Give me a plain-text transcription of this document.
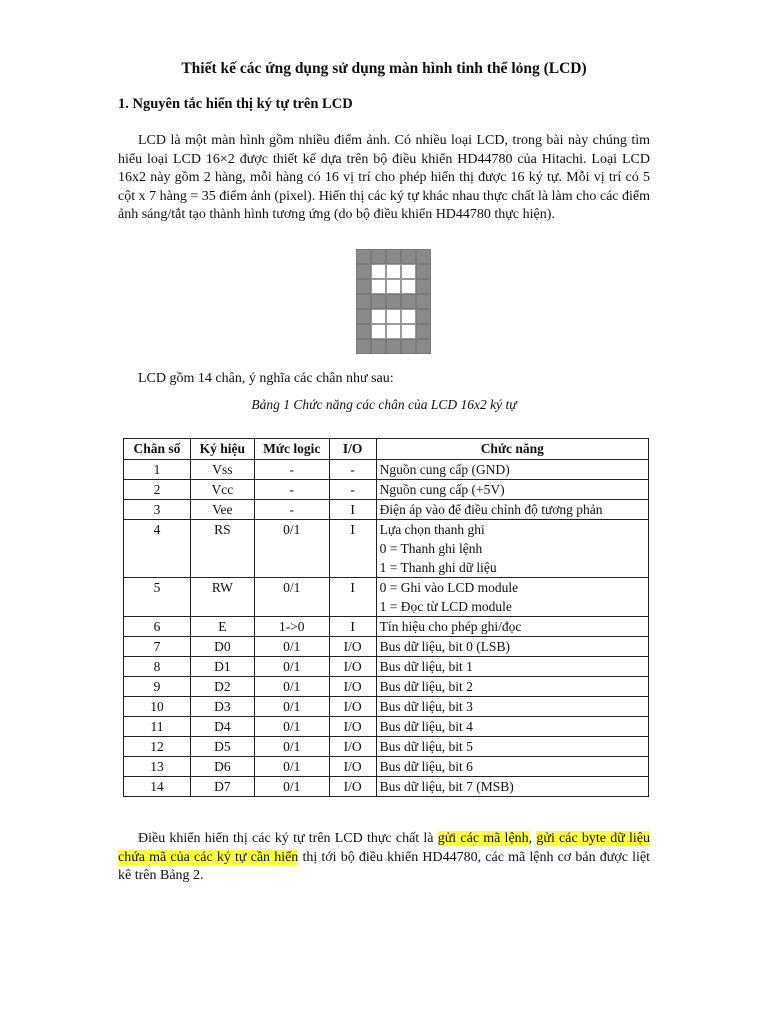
Thiết kế các ứng dụng sử dụng màn hình tinh thể lỏng (LCD)
1. Nguyên tắc hiển thị ký tự trên LCD
LCD là một màn hình gồm nhiều điểm ảnh. Có nhiều loại LCD, trong bài này chúng tìm hiểu loại LCD 16×2 được thiết kế dựa trên bộ điều khiển HD44780 của Hitachi. Loại LCD 16x2 này gồm 2 hàng, mỗi hàng có 16 vị trí cho phép hiển thị được 16 ký tự. Mỗi vị trí có 5 cột x 7 hàng = 35 điểm ảnh (pixel). Hiển thị các ký tự khác nhau thực chất là làm cho các điểm ảnh sáng/tắt tạo thành hình tương ứng (do bộ điều khiển HD44780 thực hiện).
LCD gồm 14 chân, ý nghĩa các chân như sau:
Bảng 1 Chức năng các chân của LCD 16x2 ký tự
Chân số	Ký hiệu	Mức logic	I/O	Chức năng
1	Vss	-	-	Nguồn cung cấp (GND)

2	Vcc	-	-	Nguồn cung cấp (+5V)

3	Vee	-	I	Điện áp vào để điều chỉnh độ tương phản

4	RS	0/1	I	Lựa chọn thanh ghi
0 = Thanh ghi lệnh
1 = Thanh ghi dữ liệu

5	RW	0/1	I	0 = Ghi vào LCD module
1 = Đọc từ LCD module

6	E	1->0	I	Tín hiệu cho phép ghi/đọc

7	D0	0/1	I/O	Bus dữ liệu, bit 0 (LSB)

8	D1	0/1	I/O	Bus dữ liệu, bit 1

9	D2	0/1	I/O	Bus dữ liệu, bit 2

10	D3	0/1	I/O	Bus dữ liệu, bit 3

11	D4	0/1	I/O	Bus dữ liệu, bit 4

12	D5	0/1	I/O	Bus dữ liệu, bit 5

13	D6	0/1	I/O	Bus dữ liệu, bit 6

14	D7	0/1	I/O	Bus dữ liệu, bit 7 (MSB)
Điều khiển hiển thị các ký tự trên LCD thực chất là gửi các mã lệnh, gửi các byte dữ liệu chứa mã của các ký tự cần hiển thị tới bộ điều khiển HD44780, các mã lệnh cơ bản được liệt kê trên Bảng 2.
